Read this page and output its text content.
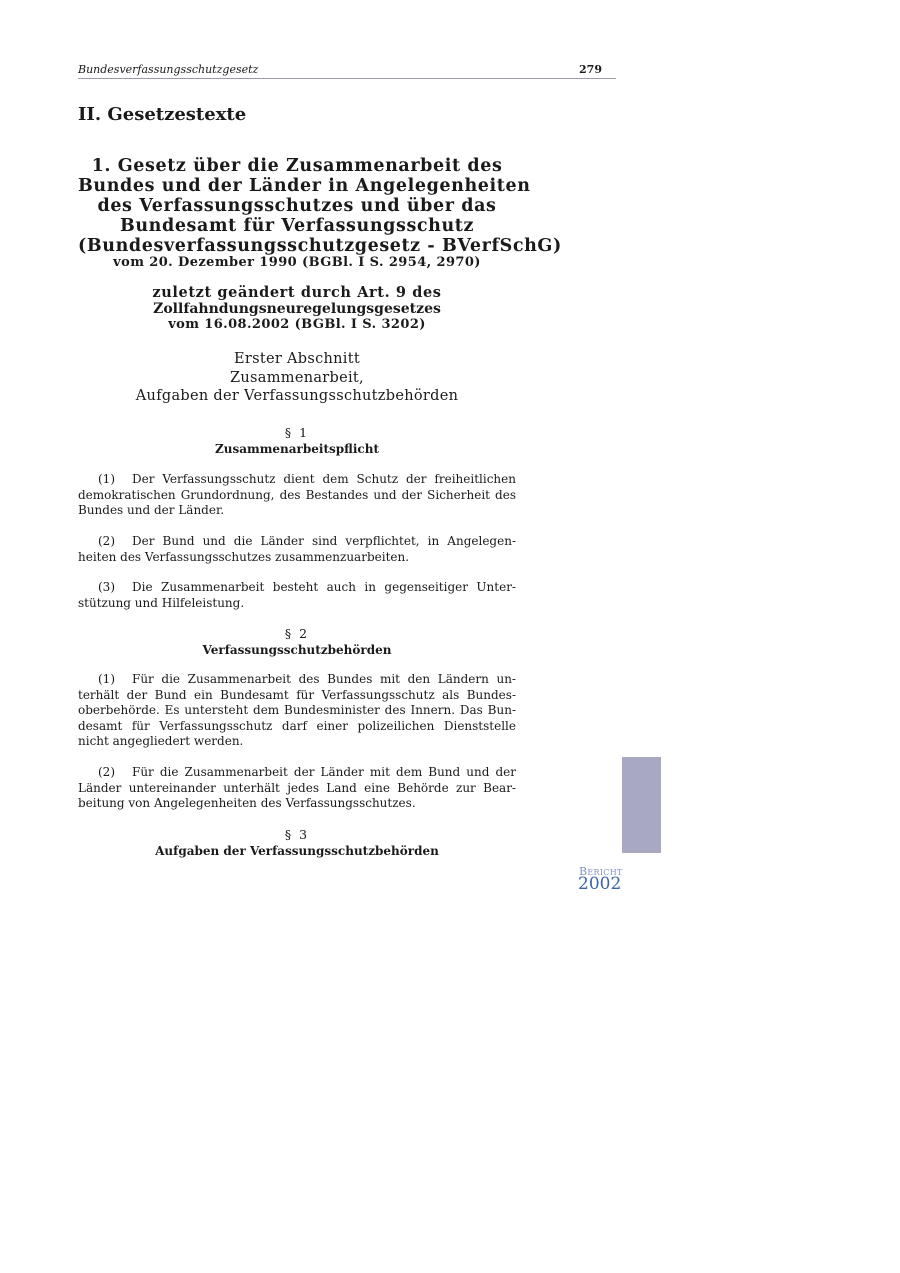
Bundesverfassungsschutzgesetz	279
II. Gesetzestexte
1. Gesetz über die Zusammenarbeit des
Bundes und der Länder in Angelegenheiten
des Verfassungsschutzes und über das
Bundesamt für Verfassungsschutz
(Bundesverfassungsschutzgesetz - BVerfSchG)
vom 20. Dezember 1990 (BGBl. I S. 2954, 2970)
zuletzt geändert durch Art. 9 des
Zollfahndungsneuregelungsgesetzes
vom 16.08.2002 (BGBl. I S. 3202)
Erster Abschnitt
Zusammenarbeit,
Aufgaben der Verfassungsschutzbehörden
§ 1
Zusammenarbeitspflicht

(1) Der Verfassungsschutz dient dem Schutz der freiheitlichen demokratischen Grundordnung, des Bestandes und der Sicherheit des Bundes und der Länder.

(2) Der Bund und die Länder sind verpflichtet, in Angelegen-heiten des Verfassungsschutzes zusammenzuarbeiten.

(3) Die Zusammenarbeit besteht auch in gegenseitiger Unter-stützung und Hilfeleistung.

§ 2
Verfassungsschutzbehörden

(1) Für die Zusammenarbeit des Bundes mit den Ländern un-terhält der Bund ein Bundesamt für Verfassungsschutz als Bundes-oberbehörde. Es untersteht dem Bundesminister des Innern. Das Bun-desamt für Verfassungsschutz darf einer polizeilichen Dienststelle nicht angegliedert werden.

(2) Für die Zusammenarbeit der Länder mit dem Bund und der Länder untereinander unterhält jedes Land eine Behörde zur Bear-beitung von Angelegenheiten des Verfassungsschutzes.

§ 3
Aufgaben der Verfassungsschutzbehörden
Bericht
2002
